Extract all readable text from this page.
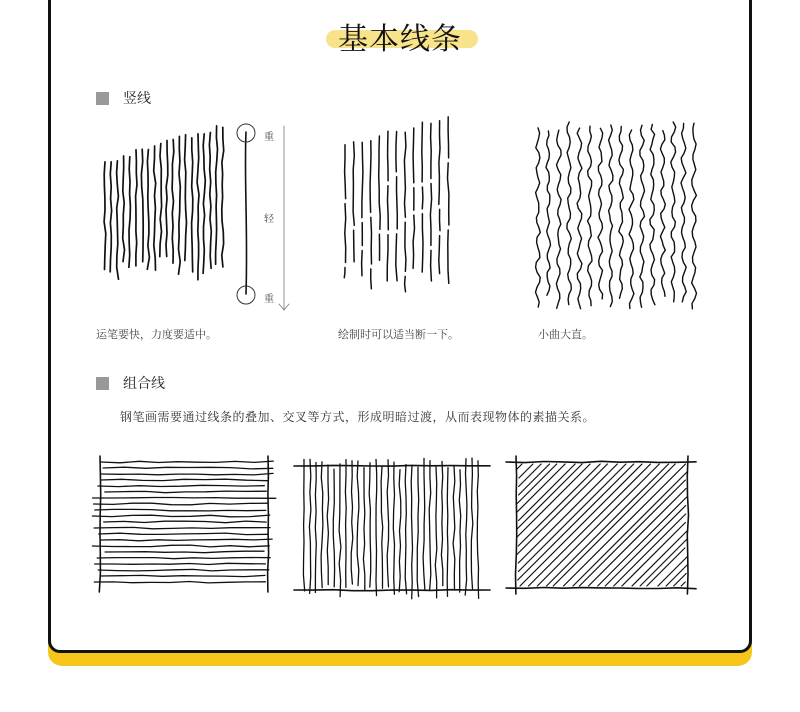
基本线条
竖线
重
轻
重
运笔要快，力度要适中。	绘制时可以适当断一下。	小曲大直。
组合线
钢笔画需要通过线条的叠加、交叉等方式，形成明暗过渡，从而表现物体的素描关系。
